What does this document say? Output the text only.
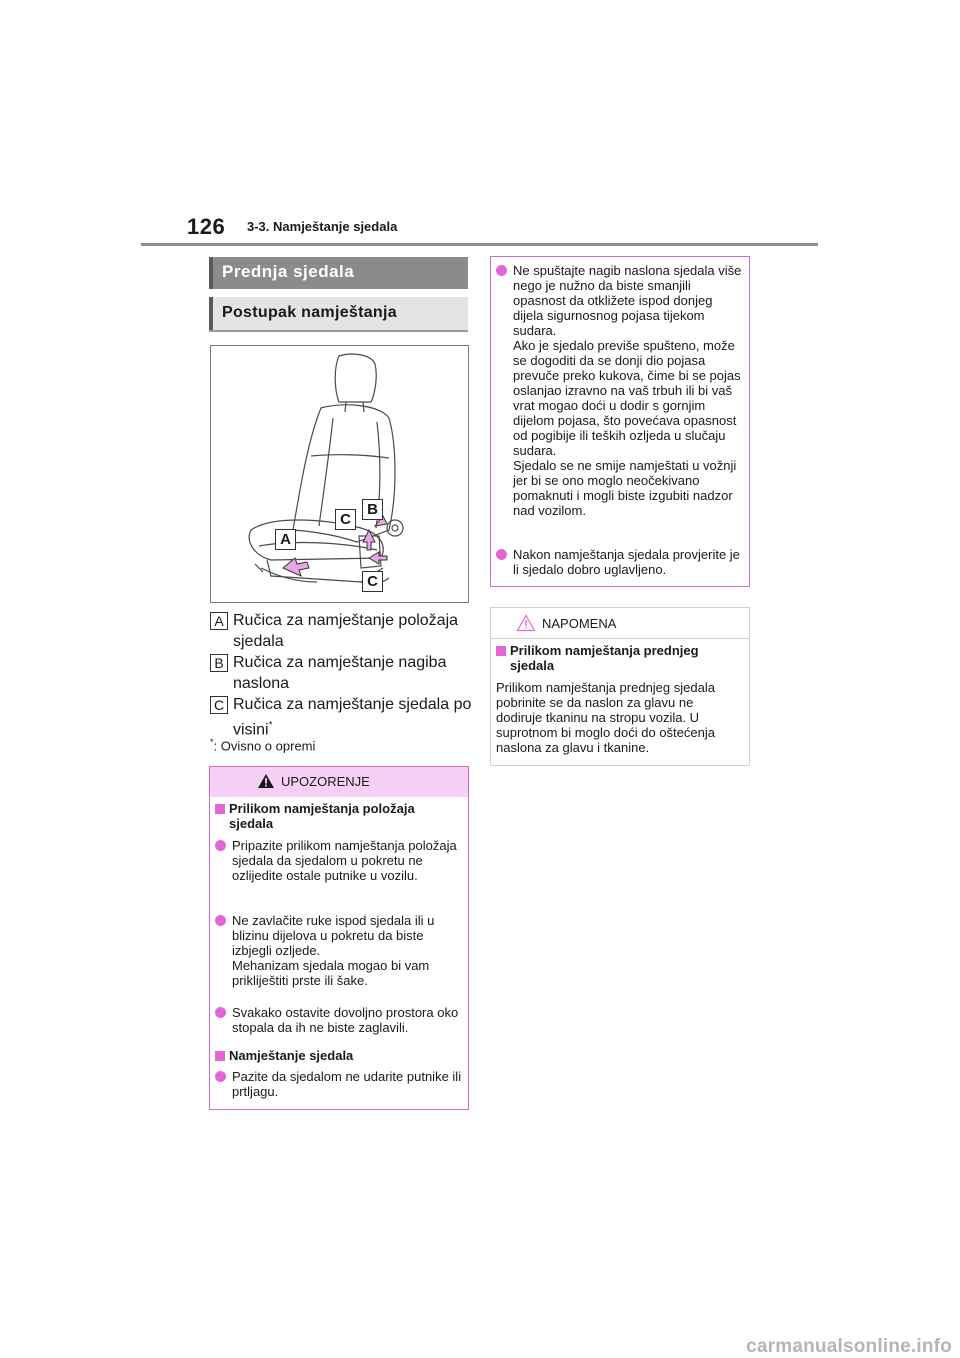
126 3-3. Namještanje sjedala
Prednja sjedala
Postupak namještanja
A
B
C
C
A Ručica za namještanje položaja sjedala
B Ručica za namještanje nagiba naslona
C Ručica za namještanje sjedala po visini*
*: Ovisno o opremi
UPOZORENJE
Prilikom namještanja položaja sjedala
Pripazite prilikom namještanja položaja sjedala da sjedalom u pokretu ne ozlijedite ostale putnike u vozilu.
Ne zavlačite ruke ispod sjedala ili u blizinu dijelova u pokretu da biste izbjegli ozljede.
Mehanizam sjedala mogao bi vam prikliještiti prste ili šake.
Svakako ostavite dovoljno prostora oko stopala da ih ne biste zaglavili.
Namještanje sjedala
Pazite da sjedalom ne udarite putnike ili prtljagu.
Ne spuštajte nagib naslona sjedala više nego je nužno da biste smanjili opasnost da otkližete ispod donjeg dijela sigurnosnog pojasa tijekom sudara.
Ako je sjedalo previše spušteno, može se dogoditi da se donji dio pojasa prevuče preko kukova, čime bi se pojas oslanjao izravno na vaš trbuh ili bi vaš vrat mogao doći u dodir s gornjim dijelom pojasa, što povećava opasnost od pogibije ili teških ozljeda u slučaju sudara.
Sjedalo se ne smije namještati u vožnji jer bi se ono moglo neočekivano pomaknuti i mogli biste izgubiti nadzor nad vozilom.
Nakon namještanja sjedala provjerite je li sjedalo dobro uglavljeno.
NAPOMENA
Prilikom namještanja prednjeg sjedala
Prilikom namještanja prednjeg sjedala pobrinite se da naslon za glavu ne dodiruje tkaninu na stropu vozila. U suprotnom bi moglo doći do oštećenja naslona za glavu i tkanine.
carmanualsonline.info
